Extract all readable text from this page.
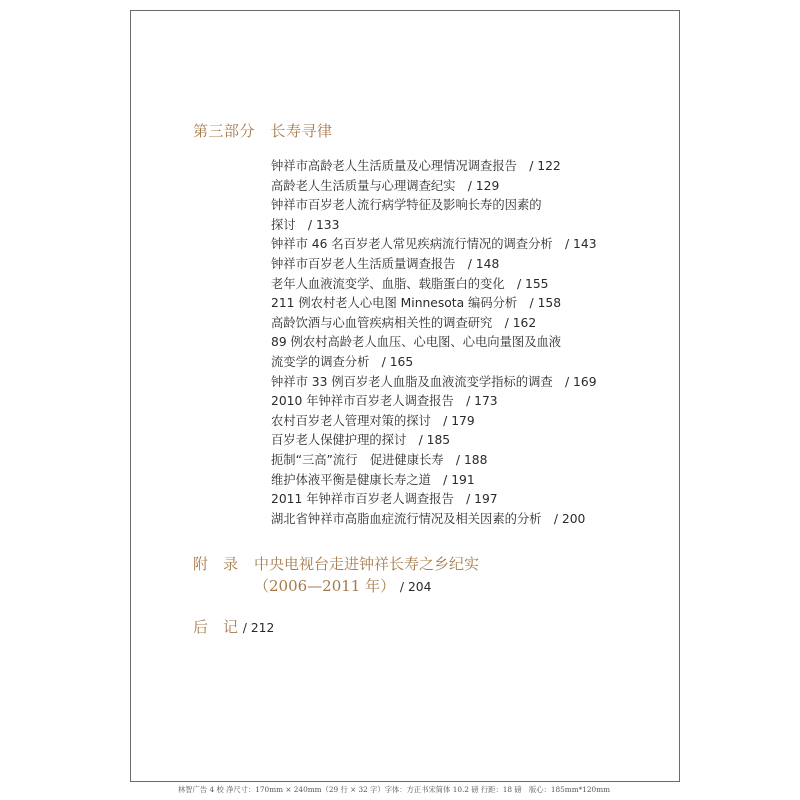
第三部分　长寿寻律
钟祥市高龄老人生活质量及心理情况调查报告　/ 122
高龄老人生活质量与心理调查纪实　/ 129
钟祥市百岁老人流行病学特征及影响长寿的因素的
探讨　/ 133
钟祥市 46 名百岁老人常见疾病流行情况的调查分析　/ 143
钟祥市百岁老人生活质量调查报告　/ 148
老年人血液流变学、血脂、载脂蛋白的变化　/ 155
211 例农村老人心电图 Minnesota 编码分析　/ 158
高龄饮酒与心血管疾病相关性的调查研究　/ 162
89 例农村高龄老人血压、心电图、心电向量图及血液
流变学的调查分析　/ 165
钟祥市 33 例百岁老人血脂及血液流变学指标的调查　/ 169
2010 年钟祥市百岁老人调查报告　/ 173
农村百岁老人管理对策的探讨　/ 179
百岁老人保健护理的探讨　/ 185
扼制“三高”流行　促进健康长寿　/ 188
维护体液平衡是健康长寿之道　/ 191
2011 年钟祥市百岁老人调查报告　/ 197
湖北省钟祥市高脂血症流行情况及相关因素的分析　/ 200
附　录 中央电视台走进钟祥长寿之乡纪实
（2006—2011 年） / 204
后　记 / 212
林智广告 4 校 净尺寸：170mm × 240mm（29 行 × 32 字）字体：方正书宋简体 10.2 磅 行距：18 磅　版心：185mm*120mm
